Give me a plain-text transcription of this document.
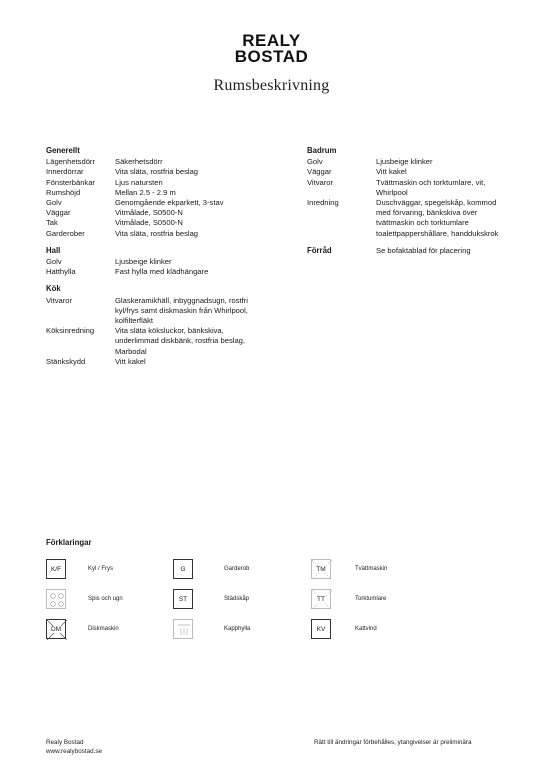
REALY
BOSTAD
Rumsbeskrivning
Generellt
Lägenhetsdörr	Säkerhetsdörr
Innerdörrar	Vita släta, rostfria beslag
Fönsterbänkar	Ljus natursten
Rumshöjd	Mellan 2.5 - 2.9 m
Golv	Genomgående ekparkett, 3-stav
Väggar	Vitmålade, S0500-N
Tak	Vitmålade, S0500-N
Garderober	Vita släta, rostfria beslag
Hall
Golv	Ljusbeige klinker
Hatthylla	Fast hylla med klädhängare
Kök
Vitvaror	Glaskeramikhäll, inbyggnadsugn, rostfri kyl/frys samt diskmaskin från Whirlpool, kolfilterfläkt
Köksinredning	Vita släta köksluckor, bänkskiva, underlimmad diskbänk, rostfria beslag, Marbodal
Stänkskydd	Vitt kakel
Badrum
Golv	Ljusbeige klinker
Väggar	Vitt kakel
Vitvaror	Tvättmaskin och torktumlare, vit, Whirlpool
Inredning	Duschväggar, spegelskåp, kommod med förvaring, bänkskiva över tvättmaskin och torktumlare toalettpappershållare, handdukskrok
Förråd	Se bofaktablad för placering
Förklaringar
K/F	Kyl / Frys
Spis och ugn
DM	Diskmaskin
G	Garderob
ST	Städskåp
Kapphylla
TM	Tvättmaskin
TT	Torktumlare
KV	Kattvind
Realy Bostad
www.realybostad.se
Rätt till ändringar förbehålles, ytangivelser är preliminära
